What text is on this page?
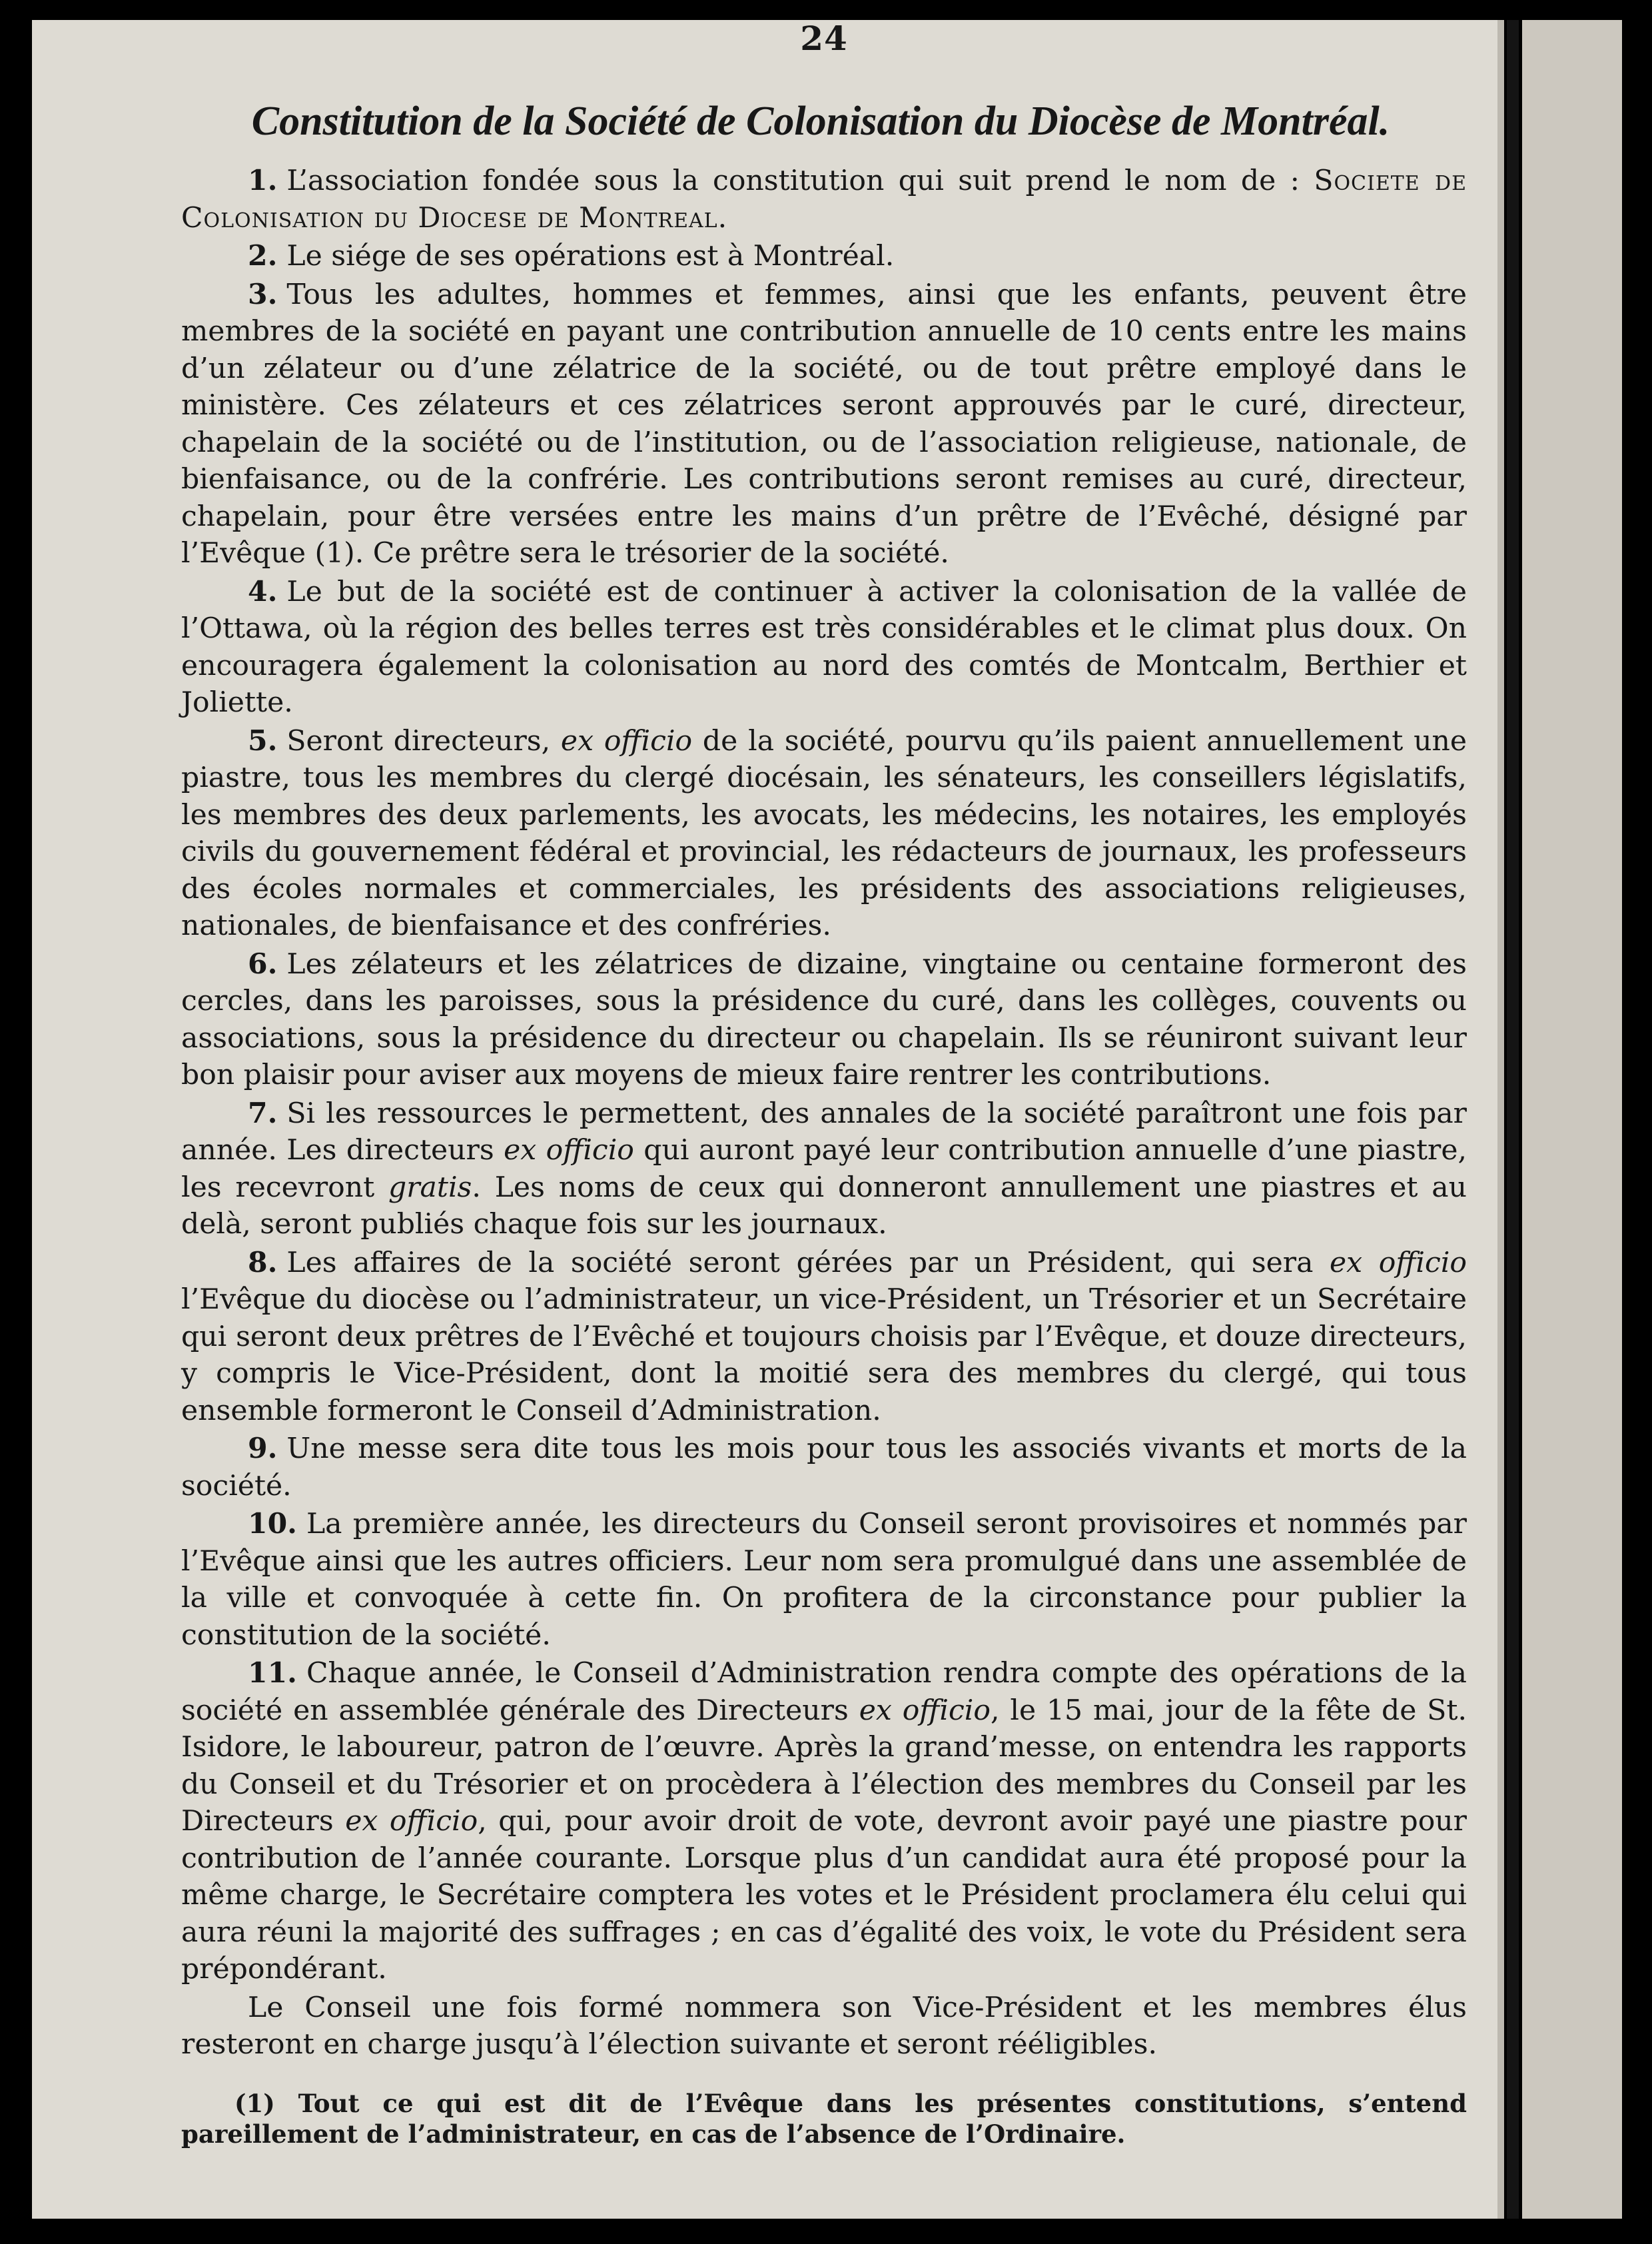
24
Constitution de la Société de Colonisation du Diocèse de Montréal.

1. L’association fondée sous la constitution qui suit prend le nom de : Societe de Colonisation du Diocese de Montreal.

2. Le siége de ses opérations est à Montréal.

3. Tous les adultes, hommes et femmes, ainsi que les enfants, peuvent être membres de la société en payant une contribution annuelle de 10 cents entre les mains d’un zélateur ou d’une zélatrice de la société, ou de tout prêtre employé dans le ministère. Ces zélateurs et ces zélatrices seront approuvés par le curé, directeur, chapelain de la société ou de l’institution, ou de l’association religieuse, nationale, de bienfaisance, ou de la confrérie. Les contributions seront remises au curé, directeur, chapelain, pour être versées entre les mains d’un prêtre de l’Evêché, désigné par l’Evêque (1). Ce prêtre sera le trésorier de la société.

4. Le but de la société est de continuer à activer la colonisation de la vallée de l’Ottawa, où la région des belles terres est très considérables et le climat plus doux. On encouragera également la colonisation au nord des comtés de Montcalm, Berthier et Joliette.

5. Seront directeurs, ex officio de la société, pourvu qu’ils paient annuellement une piastre, tous les membres du clergé diocésain, les sénateurs, les conseillers législatifs, les membres des deux parlements, les avocats, les médecins, les notaires, les employés civils du gouvernement fédéral et provincial, les rédacteurs de journaux, les professeurs des écoles normales et commerciales, les présidents des associations religieuses, nationales, de bienfaisance et des confréries.

6. Les zélateurs et les zélatrices de dizaine, vingtaine ou centaine formeront des cercles, dans les paroisses, sous la présidence du curé, dans les collèges, couvents ou associations, sous la présidence du directeur ou chapelain. Ils se réuniront suivant leur bon plaisir pour aviser aux moyens de mieux faire rentrer les contributions.

7. Si les ressources le permettent, des annales de la société paraîtront une fois par année. Les directeurs ex officio qui auront payé leur contribution annuelle d’une piastre, les recevront gratis. Les noms de ceux qui donneront annullement une piastres et au delà, seront publiés chaque fois sur les journaux.

8. Les affaires de la société seront gérées par un Président, qui sera ex officio l’Evêque du diocèse ou l’administrateur, un vice-Président, un Trésorier et un Secrétaire qui seront deux prêtres de l’Evêché et toujours choisis par l’Evêque, et douze directeurs, y compris le Vice-Président, dont la moitié sera des membres du clergé, qui tous ensemble formeront le Conseil d’Administration.

9. Une messe sera dite tous les mois pour tous les associés vivants et morts de la société.

10. La première année, les directeurs du Conseil seront provisoires et nommés par l’Evêque ainsi que les autres officiers. Leur nom sera promulgué dans une assemblée de la ville et convoquée à cette fin. On profitera de la circonstance pour publier la constitution de la société.

11. Chaque année, le Conseil d’Administration rendra compte des opérations de la société en assemblée générale des Directeurs ex officio, le 15 mai, jour de la fête de St. Isidore, le laboureur, patron de l’œuvre. Après la grand’messe, on entendra les rapports du Conseil et du Trésorier et on procèdera à l’élection des membres du Conseil par les Directeurs ex officio, qui, pour avoir droit de vote, devront avoir payé une piastre pour contribution de l’année courante. Lorsque plus d’un candidat aura été proposé pour la même charge, le Secrétaire comptera les votes et le Président proclamera élu celui qui aura réuni la majorité des suffrages ; en cas d’égalité des voix, le vote du Président sera prépondérant.

Le Conseil une fois formé nommera son Vice-Président et les membres élus resteront en charge jusqu’à l’élection suivante et seront rééligibles.

(1) Tout ce qui est dit de l’Evêque dans les présentes constitutions, s’entend pareillement de l’administrateur, en cas de l’absence de l’Ordinaire.
